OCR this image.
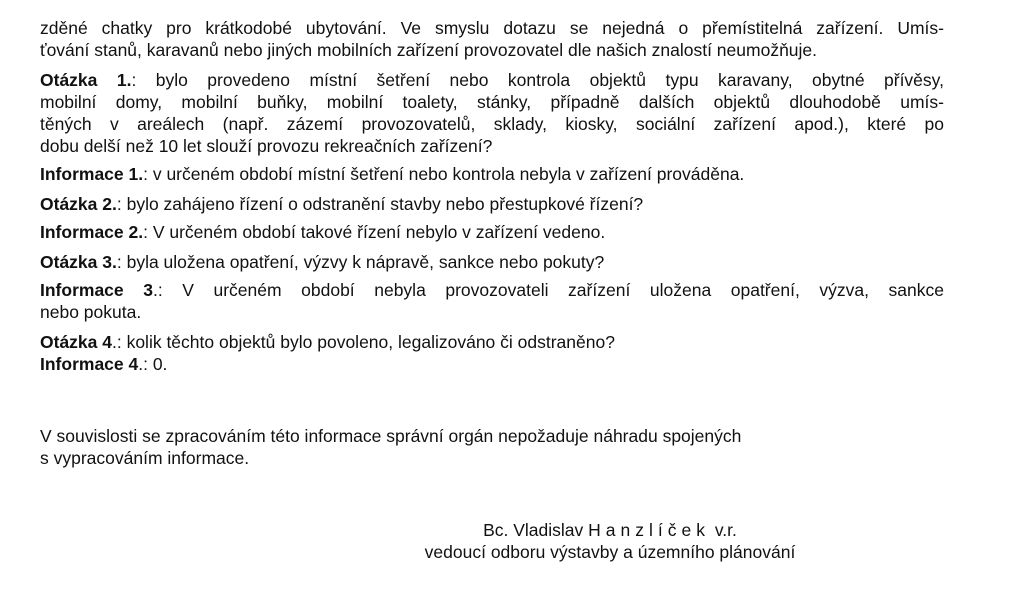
zděné chatky pro krátkodobé ubytování. Ve smyslu dotazu se nejedná o přemístitelná zařízení. Umís-
ťování stanů, karavanů nebo jiných mobilních zařízení provozovatel dle našich znalostí neumožňuje.
Otázka 1.: bylo provedeno místní šetření nebo kontrola objektů typu karavany, obytné přívěsy,
mobilní domy, mobilní buňky, mobilní toalety, stánky, případně dalších objektů dlouhodobě umís-
těných v areálech (např. zázemí provozovatelů, sklady, kiosky, sociální zařízení apod.), které po
dobu delší než 10 let slouží provozu rekreačních zařízení?
Informace 1.: v určeném období místní šetření nebo kontrola nebyla v zařízení prováděna.
Otázka 2.: bylo zahájeno řízení o odstranění stavby nebo přestupkové řízení?
Informace 2.: V určeném období takové řízení nebylo v zařízení vedeno.
Otázka 3.: byla uložena opatření, výzvy k nápravě, sankce nebo pokuty?
Informace 3.: V určeném období nebyla provozovateli zařízení uložena opatření, výzva, sankce
nebo pokuta.
Otázka 4.: kolik těchto objektů bylo povoleno, legalizováno či odstraněno?
Informace 4.: 0.
V souvislosti se zpracováním této informace správní orgán nepožaduje náhradu spojených
s vypracováním informace.
Bc. Vladislav Hanzlíček v.r.
vedoucí odboru výstavby a územního plánování
